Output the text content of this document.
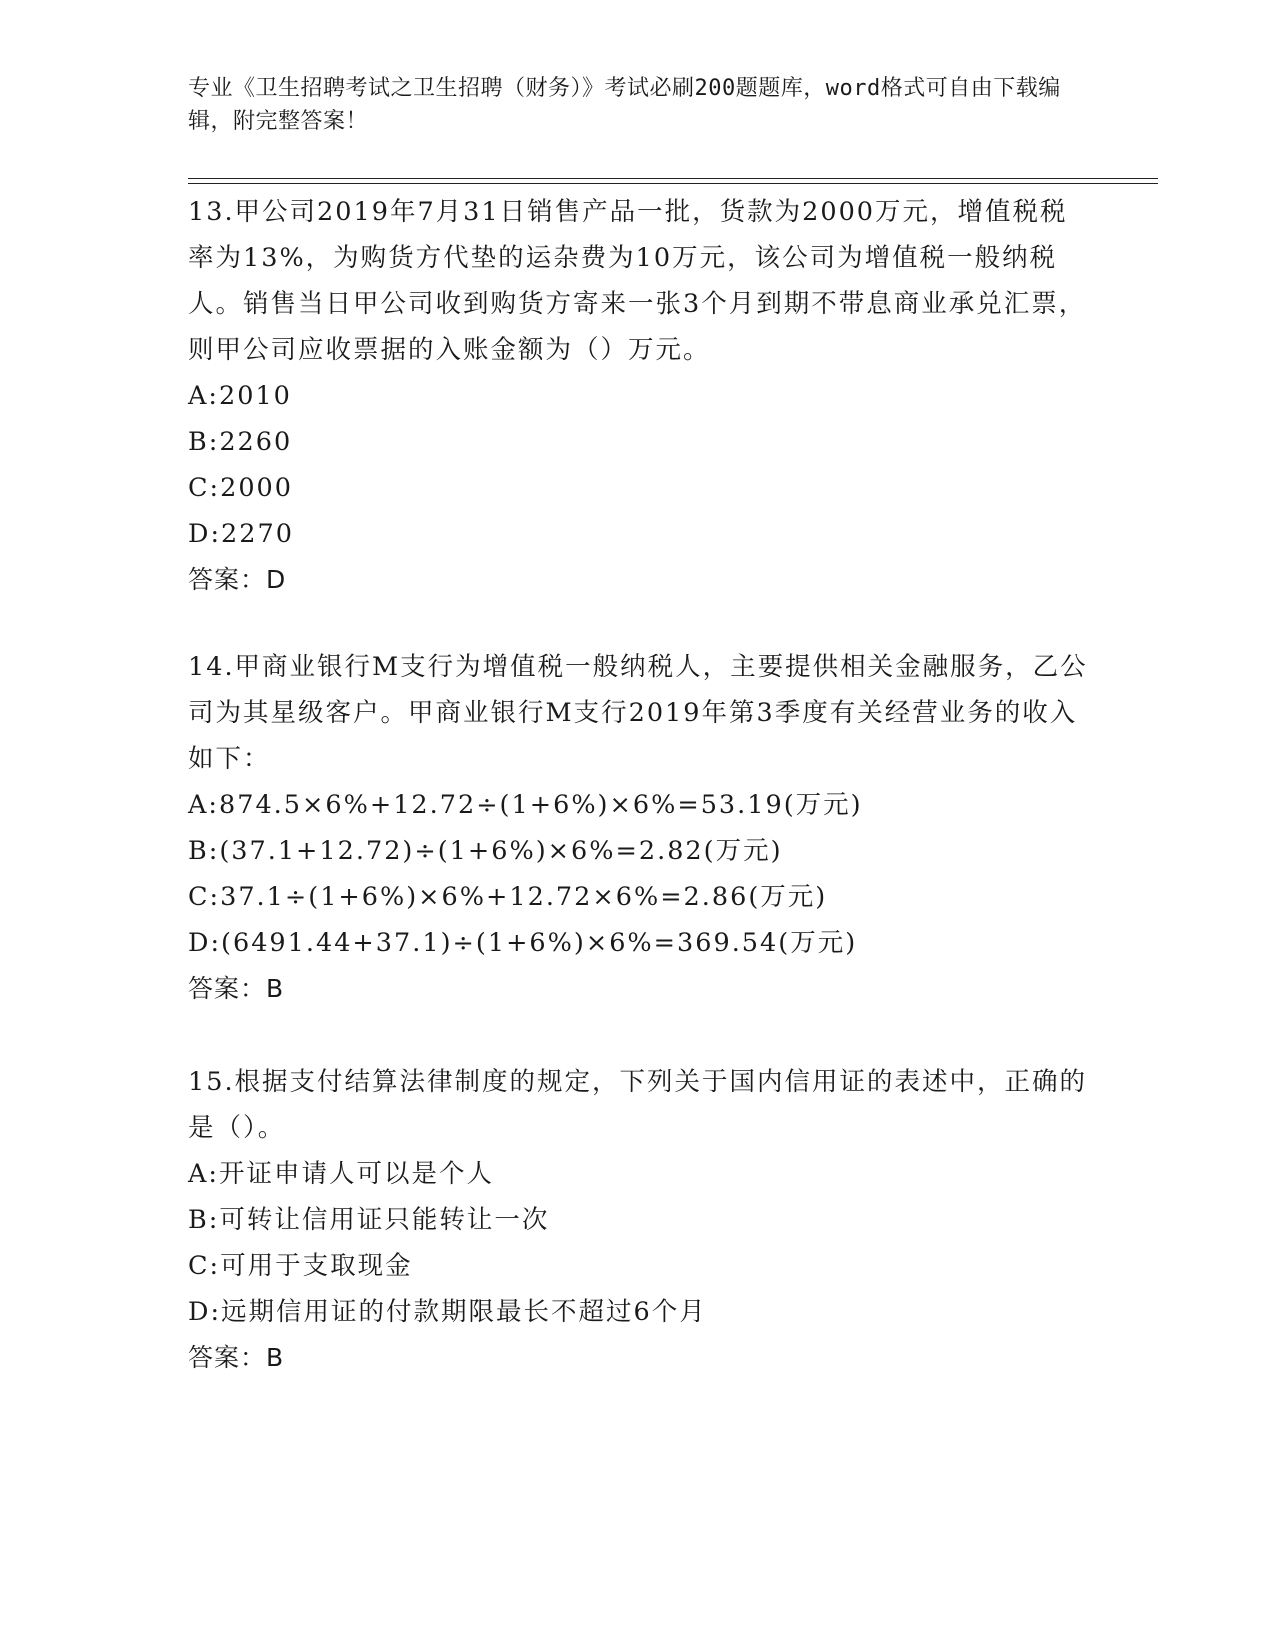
专业《卫生招聘考试之卫生招聘（财务）》考试必刷200题题库，word格式可自由下载编辑，附完整答案！

13.甲公司2019年7月31日销售产品一批，货款为2000万元，增值税税率为13%，为购货方代垫的运杂费为10万元，该公司为增值税一般纳税人。销售当日甲公司收到购货方寄来一张3个月到期不带息商业承兑汇票，则甲公司应收票据的入账金额为（）万元。

A:2010

B:2260

C:2000

D:2270

答案：D

14.甲商业银行M支行为增值税一般纳税人，主要提供相关金融服务，乙公司为其星级客户。甲商业银行M支行2019年第3季度有关经营业务的收入如下：

A:874.5×6%+12.72÷(1+6%)×6%=53.19(万元)

B:(37.1+12.72)÷(1+6%)×6%=2.82(万元)

C:37.1÷(1+6%)×6%+12.72×6%=2.86(万元)

D:(6491.44+37.1)÷(1+6%)×6%=369.54(万元)

答案：B

15.根据支付结算法律制度的规定，下列关于国内信用证的表述中，正确的是（）。

A:开证申请人可以是个人

B:可转让信用证只能转让一次

C:可用于支取现金

D:远期信用证的付款期限最长不超过6个月

答案：B
